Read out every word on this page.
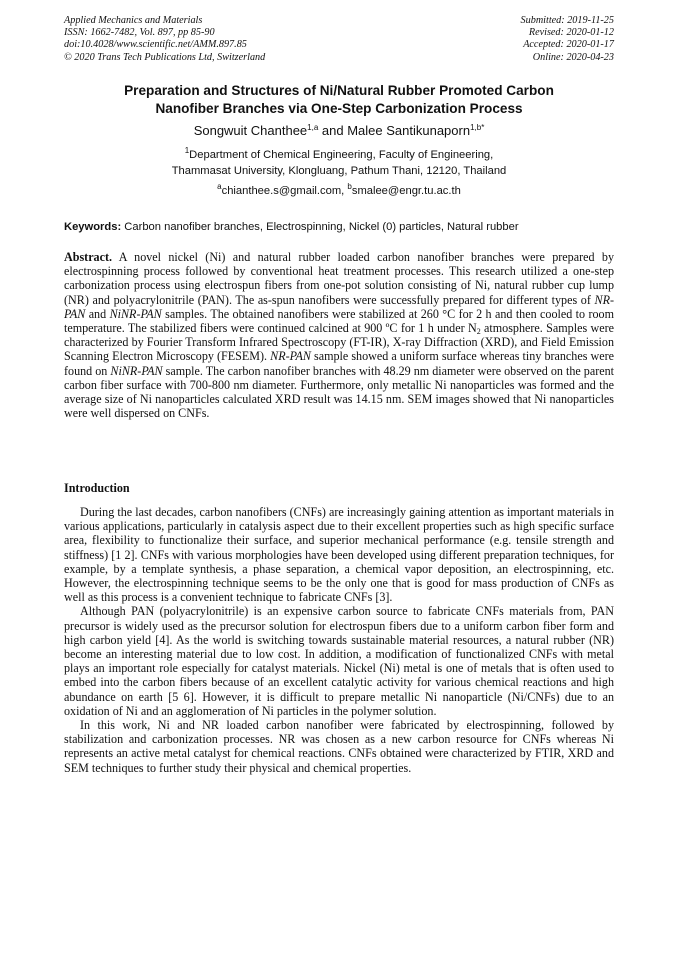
Applied Mechanics and Materials
ISSN: 1662-7482, Vol. 897, pp 85-90
doi:10.4028/www.scientific.net/AMM.897.85
© 2020 Trans Tech Publications Ltd, Switzerland
Submitted: 2019-11-25
Revised: 2020-01-12
Accepted: 2020-01-17
Online: 2020-04-23
Preparation and Structures of Ni/Natural Rubber Promoted Carbon
Nanofiber Branches via One-Step Carbonization Process
Songwuit Chanthee$^{1,a}$ and Malee Santikunaporn$^{1,b*}$
$^1$Department of Chemical Engineering, Faculty of Engineering,
Thammasat University, Klongluang, Pathum Thani, 12120, Thailand
$^a$chianthee.s@gmail.com, $^b$smalee@engr.tu.ac.th
Keywords: Carbon nanofiber branches, Electrospinning, Nickel (0) particles, Natural rubber

Abstract. A novel nickel (Ni) and natural rubber loaded carbon nanofiber branches were prepared by electrospinning process followed by conventional heat treatment processes. This research utilized a one-step carbonization process using electrospun fibers from one-pot solution consisting of Ni, natural rubber cup lump (NR) and polyacrylonitrile (PAN). The as-spun nanofibers were successfully prepared for different types of NR-PAN and NiNR-PAN samples. The obtained nanofibers were stabilized at 260 °C for 2 h and then cooled to room temperature. The stabilized fibers were continued calcined at 900 ºC for 1 h under $N_2$ atmosphere. Samples were characterized by Fourier Transform Infrared Spectroscopy (FT-IR), X-ray Diffraction (XRD), and Field Emission Scanning Electron Microscopy (FESEM). NR-PAN sample showed a uniform surface whereas tiny branches were found on NiNR-PAN sample. The carbon nanofiber branches with 48.29 nm diameter were observed on the parent carbon fiber surface with 700-800 nm diameter. Furthermore, only metallic Ni nanoparticles was formed and the average size of Ni nanoparticles calculated XRD result was 14.15 nm. SEM images showed that Ni nanoparticles were well dispersed on CNFs.

Introduction

During the last decades, carbon nanofibers (CNFs) are increasingly gaining attention as important materials in various applications, particularly in catalysis aspect due to their excellent properties such as high specific surface area, flexibility to functionalize their surface, and superior mechanical performance (e.g. tensile strength and stiffness) [1 2]. CNFs with various morphologies have been developed using different preparation techniques, for example, by a template synthesis, a phase separation, a chemical vapor deposition, an electrospinning, etc. However, the electrospinning technique seems to be the only one that is good for mass production of CNFs as well as this process is a convenient technique to fabricate CNFs [3].

Although PAN (polyacrylonitrile) is an expensive carbon source to fabricate CNFs materials from, PAN precursor is widely used as the precursor solution for electrospun fibers due to a uniform carbon fiber form and high carbon yield [4]. As the world is switching towards sustainable material resources, a natural rubber (NR) become an interesting material due to low cost. In addition, a modification of functionalized CNFs with metal plays an important role especially for catalyst materials. Nickel (Ni) metal is one of metals that is often used to embed into the carbon fibers because of an excellent catalytic activity for various chemical reactions and high abundance on earth [5 6]. However, it is difficult to prepare metallic Ni nanoparticle (Ni/CNFs) due to an oxidation of Ni and an agglomeration of Ni particles in the polymer solution.

In this work, Ni and NR loaded carbon nanofiber were fabricated by electrospinning, followed by stabilization and carbonization processes. NR was chosen as a new carbon resource for CNFs whereas Ni represents an active metal catalyst for chemical reactions. CNFs obtained were characterized by FTIR, XRD and SEM techniques to further study their physical and chemical properties.
